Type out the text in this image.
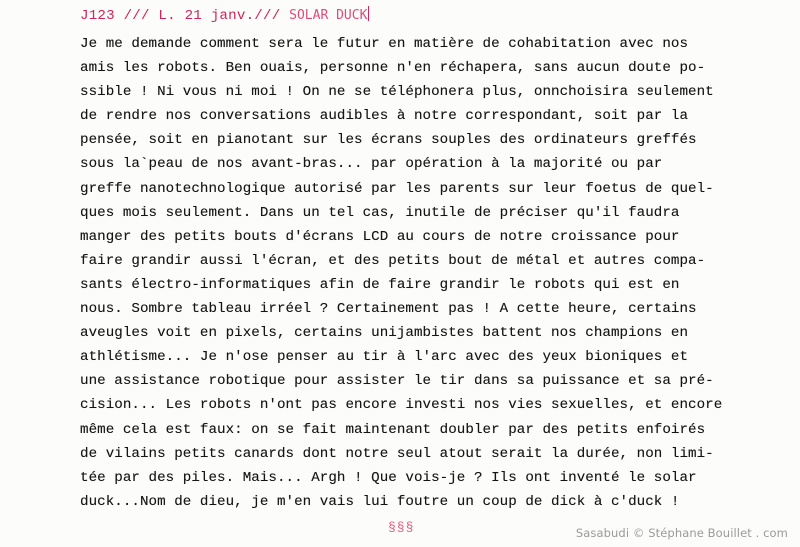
J123 /// L. 21 janv./// SOLAR DUCK
Je me demande comment sera le futur en matière de cohabitation avec nos
amis les robots. Ben ouais, personne n'en réchapera, sans aucun doute po-
ssible ! Ni vous ni moi ! On ne se téléphonera plus, onnchoisira seulement
de rendre nos conversations audibles à notre correspondant, soit par la
pensée, soit en pianotant sur les écrans souples des ordinateurs greffés
sous la`peau de nos avant-bras... par opération à la majorité ou par
greffe nanotechnologique autorisé par les parents sur leur foetus de quel-
ques mois seulement. Dans un tel cas, inutile de préciser qu'il faudra
manger des petits bouts d'écrans LCD au cours de notre croissance pour
faire grandir aussi l'écran, et des petits bout de métal et autres compa-
sants électro-informatiques afin de faire grandir le robots qui est en
nous. Sombre tableau irréel ? Certainement pas ! A cette heure, certains
aveugles voit en pixels, certains unijambistes battent nos champions en
athlétisme... Je n'ose penser au tir à l'arc avec des yeux bioniques et
une assistance robotique pour assister le tir dans sa puissance et sa pré-
cision... Les robots n'ont pas encore investi nos vies sexuelles, et encore
même cela est faux: on se fait maintenant doubler par des petits enfoirés
de vilains petits canards dont notre seul atout serait la durée, non limi-
tée par des piles. Mais... Argh ! Que vois-je ? Ils ont inventé le solar
duck...Nom de dieu, je m'en vais lui foutre un coup de dick à c'duck !
§§§	Sasabudi © Stéphane Bouillet . com
